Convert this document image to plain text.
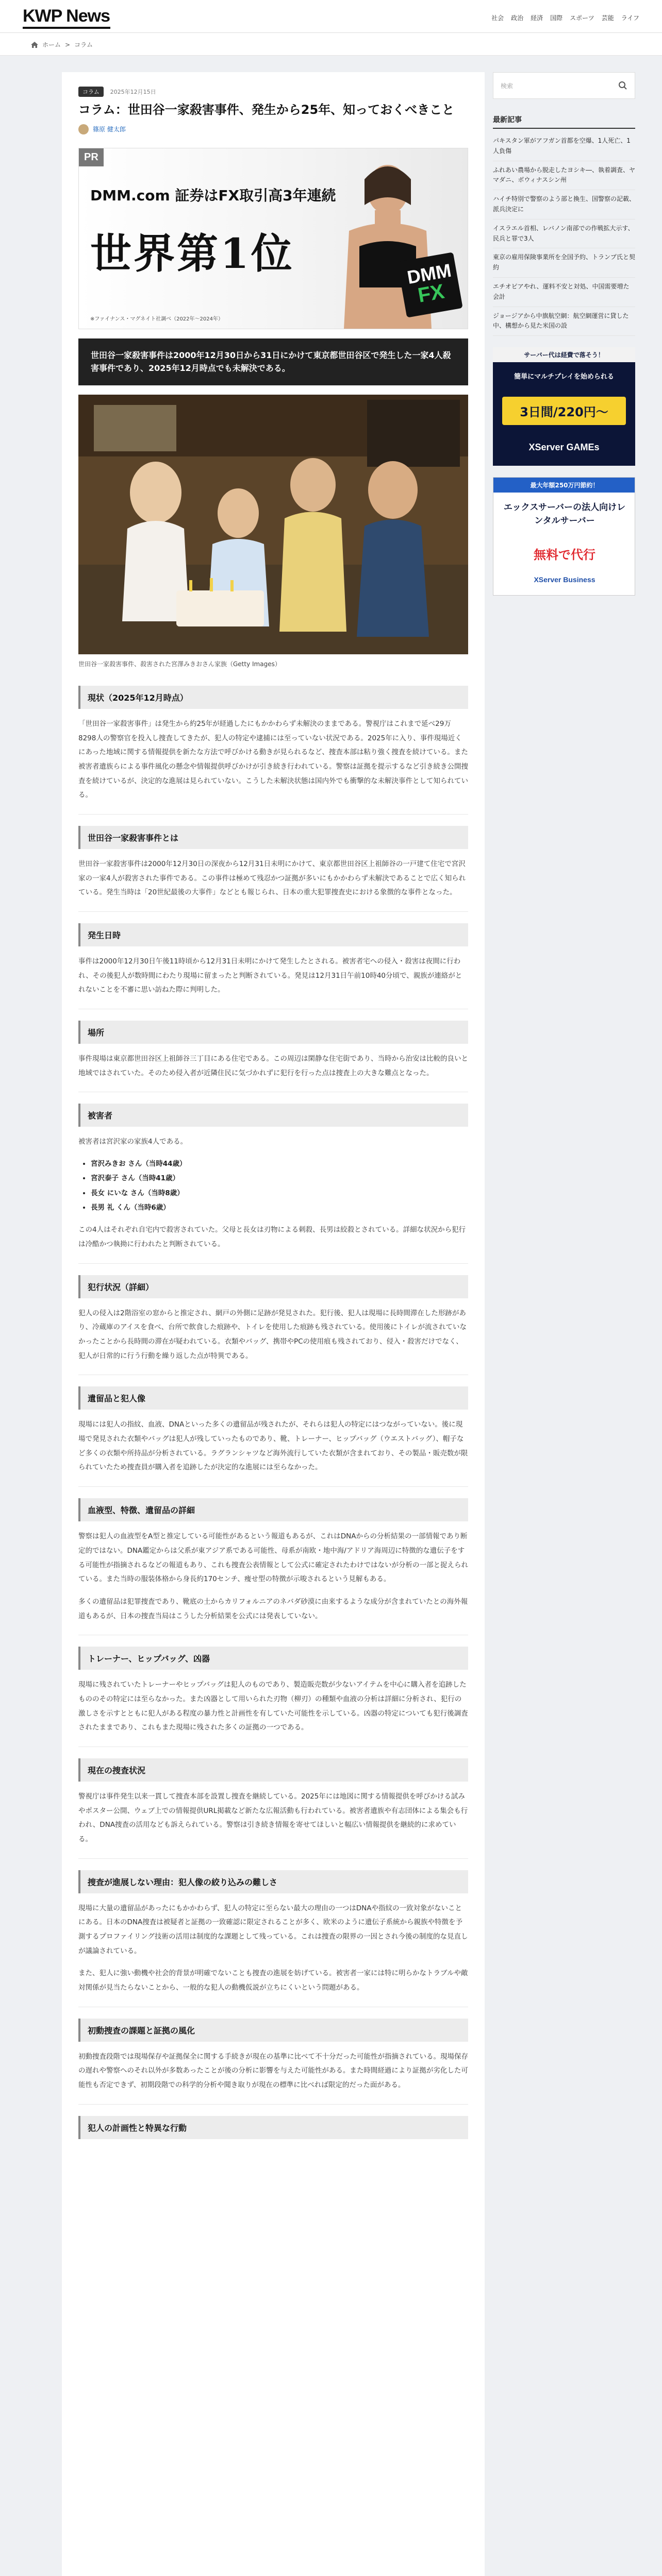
KWP News	社会 政治 経済 国際 スポーツ 芸能 ライフ
ホーム > コラム
コラム 2025年12月15日
コラム：世田谷一家殺害事件、発生から25年、知っておくべきこと
篠原 健太郎
PR
DMM.com 証券はFX取引高3年連続
世界第1位
※ファイナンス・マグネイト社調べ（2022年〜2024年）
DMM
FX
世田谷一家殺害事件は2000年12月30日から31日にかけて東京都世田谷区で発生した一家4人殺害事件であり、2025年12月時点でも未解決である。

世田谷一家殺害事件、殺害された宮澤みきおさん家族（Getty Images）

現状（2025年12月時点）

「世田谷一家殺害事件」は発生から約25年が経過したにもかかわらず未解決のままである。警視庁はこれまで延べ29万8298人の警察官を投入し捜査してきたが、犯人の特定や逮捕には至っていない状況である。2025年に入り、事件現場近くにあった地域に関する情報提供を新たな方法で呼びかける動きが見られるなど、捜査本部は粘り強く捜査を続けている。また被害者遺族らによる事件風化の懸念や情報提供呼びかけが引き続き行われている。警察は証拠を提示するなど引き続き公開捜査を続けているが、決定的な進展は見られていない。こうした未解決状態は国内外でも衝撃的な未解決事件として知られている。

世田谷一家殺害事件とは

世田谷一家殺害事件は2000年12月30日の深夜から12月31日未明にかけて、東京都世田谷区上祖師谷の一戸建て住宅で宮沢家の一家4人が殺害された事件である。この事件は極めて残忍かつ証拠が多いにもかかわらず未解決であることで広く知られている。発生当時は「20世紀最後の大事件」などとも報じられ、日本の重大犯罪捜査史における象徴的な事件となった。

発生日時

事件は2000年12月30日午後11時頃から12月31日未明にかけて発生したとされる。被害者宅への侵入・殺害は夜間に行われ、その後犯人が数時間にわたり現場に留まったと判断されている。発見は12月31日午前10時40分頃で、親族が連絡がとれないことを不審に思い訪ねた際に判明した。

場所

事件現場は東京都世田谷区上祖師谷三丁目にある住宅である。この周辺は閑静な住宅街であり、当時から治安は比較的良いと地域ではされていた。そのため侵入者が近隣住民に気づかれずに犯行を行った点は捜査上の大きな難点となった。

被害者

被害者は宮沢家の家族4人である。

• 宮沢みきお さん（当時44歳）
• 宮沢泰子 さん（当時41歳）
• 長女 にいな さん（当時8歳）
• 長男 礼 くん（当時6歳）

この4人はそれぞれ自宅内で殺害されていた。父母と長女は刃物による刺殺、長男は絞殺とされている。詳細な状況から犯行は冷酷かつ執拗に行われたと判断されている。

犯行状況（詳細）

犯人の侵入は2階浴室の窓からと推定され、網戸の外側に足跡が発見された。犯行後、犯人は現場に長時間滞在した形跡があり、冷蔵庫のアイスを食べ、台所で飲食した痕跡や、トイレを使用した痕跡も残されている。使用後にトイレが流されていなかったことから長時間の滞在が疑われている。衣類やバッグ、携帯やPCの使用痕も残されており、侵入・殺害だけでなく、犯人が日常的に行う行動を繰り返した点が特異である。

遺留品と犯人像

現場には犯人の指紋、血液、DNAといった多くの遺留品が残されたが、それらは犯人の特定にはつながっていない。後に現場で発見された衣類やバッグは犯人が残していったものであり、靴、トレーナー、ヒップバッグ（ウエストバッグ）、帽子など多くの衣類や所持品が分析されている。ラグランシャツなど海外流行していた衣類が含まれており、その製品・販売数が限られていたため捜査員が購入者を追跡したが決定的な進展には至らなかった。

血液型、特徴、遺留品の詳細

警察は犯人の血液型をA型と推定している可能性があるという報道もあるが、これはDNAからの分析結果の一部情報であり断定的ではない。DNA鑑定からは父系が東アジア系である可能性、母系が南欧・地中海/アドリア海周辺に特徴的な遺伝子をする可能性が指摘されるなどの報道もあり、これも捜査公表情報として公式に確定されたわけではないが分析の一部と捉えられている。また当時の服装体格から身長約170センチ、痩せ型の特徴が示唆されるという見解もある。

多くの遺留品は犯罪捜査であり、靴底の土からカリフォルニアのネバダ砂漠に由来するような成分が含まれていたとの海外報道もあるが、日本の捜査当局はこうした分析結果を公式には発表していない。

トレーナー、ヒップバッグ、凶器

現場に残されていたトレーナーやヒップバッグは犯人のものであり、製造販売数が少ないアイテムを中心に購入者を追跡したもののその特定には至らなかった。また凶器として用いられた刃物（柳刃）の種類や血液の分析は詳細に分析され、犯行の激しさを示すとともに犯人がある程度の暴力性と計画性を有していた可能性を示している。凶器の特定についても犯行後調査されたままであり、これもまた現場に残された多くの証拠の一つである。

現在の捜査状況

警視庁は事件発生以来一貫して捜査本部を設置し捜査を継続している。2025年には地図に関する情報提供を呼びかける試みやポスター公開、ウェブ上での情報提供URL掲載など新たな広報活動も行われている。被害者遺族や有志団体による集会も行われ、DNA捜査の活用なども訴えられている。警察は引き続き情報を寄せてほしいと幅広い情報提供を継続的に求めている。

捜査が進展しない理由：犯人像の絞り込みの難しさ

現場に大量の遺留品があったにもかかわらず、犯人の特定に至らない最大の理由の一つはDNAや指紋の一致対象がないことにある。日本のDNA捜査は被疑者と証拠の一致確認に限定されることが多く、欧米のように遺伝子系統から親族や特徴を予測するプロファイリング技術の活用は制度的な課題として残っている。これは捜査の限界の一因とされ今後の制度的な見直しが議論されている。

また、犯人に強い動機や社会的背景が明確でないことも捜査の進展を妨げている。被害者一家には特に明らかなトラブルや敵対関係が見当たらないことから、一般的な犯人の動機仮説が立ちにくいという問題がある。

初動捜査の課題と証拠の風化

初動捜査段階では現場保存や証拠保全に関する手続きが現在の基準に比べて不十分だった可能性が指摘されている。現場保存の遅れや警察へのそれ以外が多数あったことが後の分析に影響を与えた可能性がある。また時間経過により証拠が劣化した可能性も否定できず、初期段階での科学的分析や聞き取りが現在の標準に比べれば限定的だった面がある。

犯人の計画性と特異な行動

検索
最新記事
パキスタン軍がアフガン首都を空爆、1人死亡、1人負傷
ふれあい農場から脱走したヨシキ―、執着調査、ヤマダニ、ボウィナスシン州
ハイチ特別で警察のよう部と換生、国警察の記載、派兵決定に
イスラエル首相、レバノン南部での作戦拡大示す、民兵と罪で3人
東京の雇用保険事業所を全国予約、トランプ氏と契約
エチオピアやれ、運料不安と対処、中国需要増た会計
ジョージアから中旗航空網：航空網運営に貸した中、構想から見た米国の設
サーバー代は経費で落そう！
簡単にマルチプレイを始められる
3日間/220円〜
XServer GAMEs
最大年額250万円節約！
エックスサーバーの法人向けレンタルサーバー
無料で代行
XServer Business
